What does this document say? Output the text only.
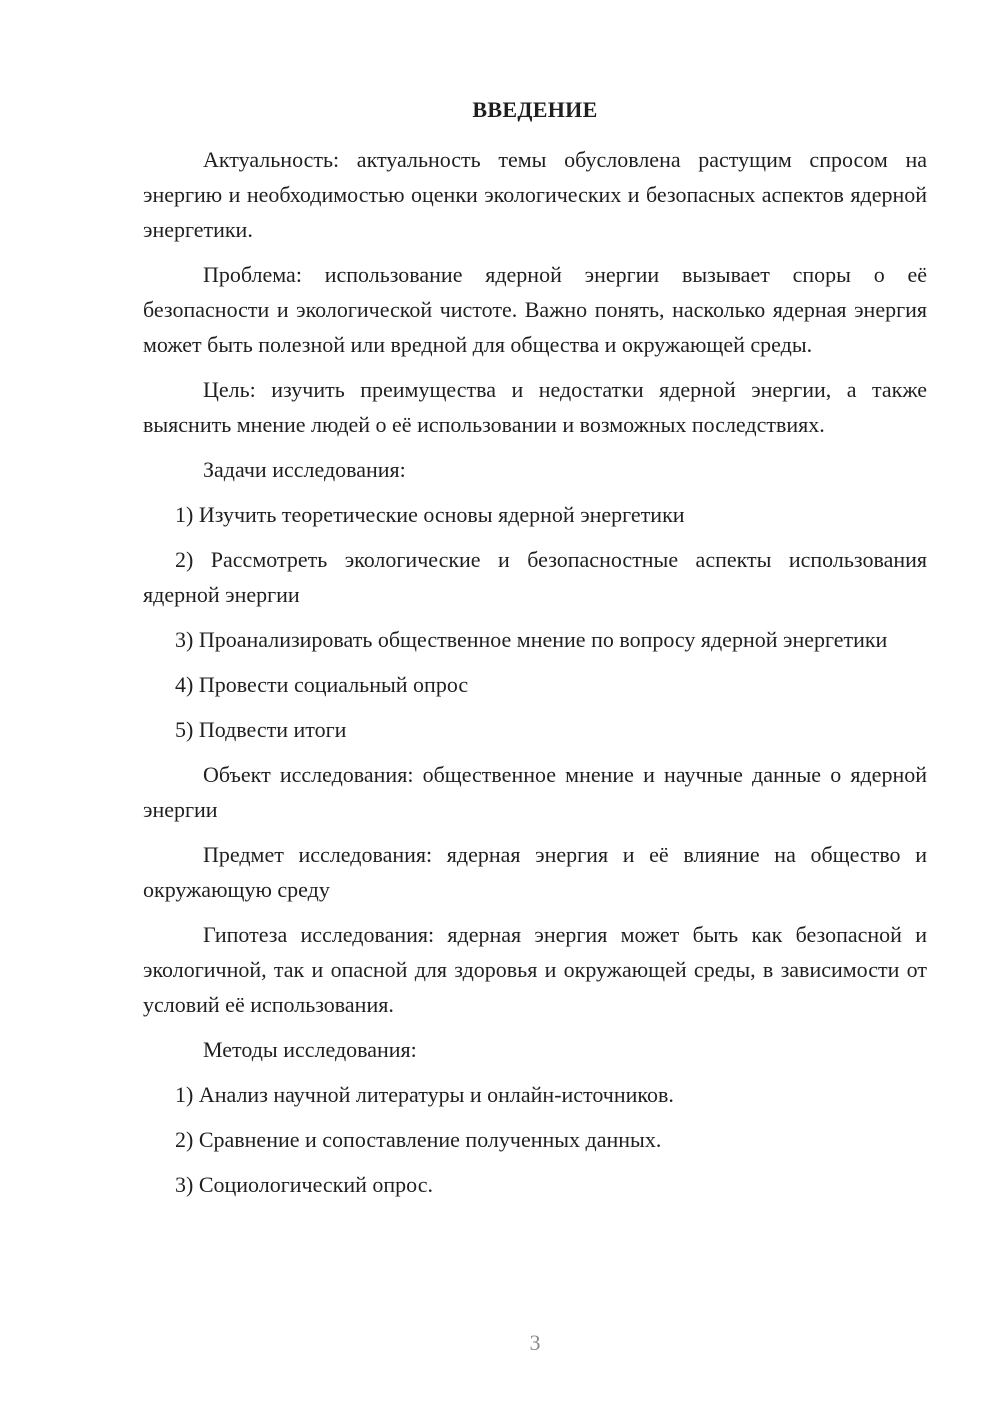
ВВЕДЕНИЕ

Актуальность: актуальность темы обусловлена растущим спросом на энергию и необходимостью оценки экологических и безопасных аспектов ядерной энергетики.

Проблема: использование ядерной энергии вызывает споры о её безопасности и экологической чистоте. Важно понять, насколько ядерная энергия может быть полезной или вредной для общества и окружающей среды.

Цель: изучить преимущества и недостатки ядерной энергии, а также выяснить мнение людей о её использовании и возможных последствиях.

Задачи исследования:

1) Изучить теоретические основы ядерной энергетики

2) Рассмотреть экологические и безопасностные аспекты использования ядерной энергии

3) Проанализировать общественное мнение по вопросу ядерной энергетики

4) Провести социальный опрос

5) Подвести итоги

Объект исследования: общественное мнение и научные данные о ядерной энергии

Предмет исследования: ядерная энергия и её влияние на общество и окружающую среду

Гипотеза исследования: ядерная энергия может быть как безопасной и экологичной, так и опасной для здоровья и окружающей среды, в зависимости от условий её использования.

Методы исследования:

1) Анализ научной литературы и онлайн-источников.

2) Сравнение и сопоставление полученных данных.

3) Социологический опрос.

3
